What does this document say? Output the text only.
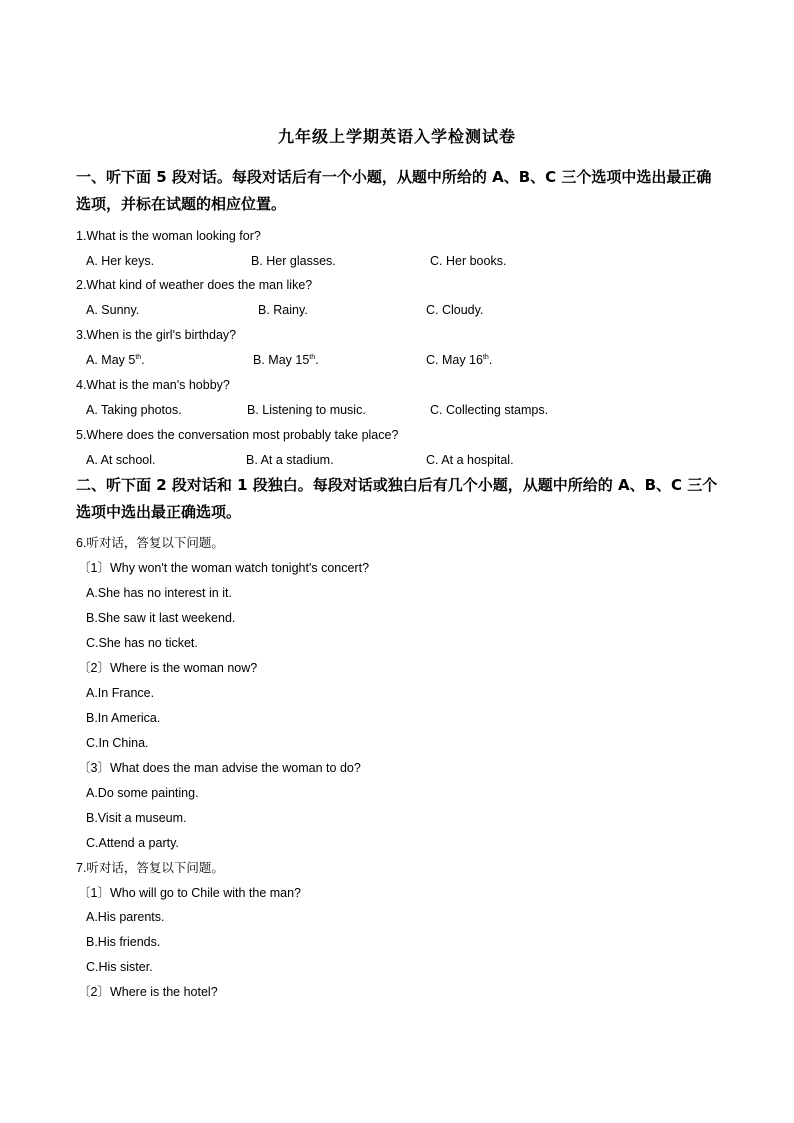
九年级上学期英语入学检测试卷
一、听下面 5 段对话。每段对话后有一个小题，从题中所给的 A、B、C 三个选项中选出最正确选项，并标在试题的相应位置。
1.What is the woman looking for?
A. Her keys.	B. Her glasses.	C. Her books.
2.What kind of weather does the man like?
A. Sunny.	B. Rainy.	C. Cloudy.
3.When is the girl's birthday?
A. May 5th.	B. May 15th.	C. May 16th.
4.What is the man's hobby?
A. Taking photos.	B. Listening to music.	C. Collecting stamps.
5.Where does the conversation most probably take place?
A. At school.	B. At a stadium.	C. At a hospital.
二、听下面 2 段对话和 1 段独白。每段对话或独白后有几个小题，从题中所给的 A、B、C 三个选项中选出最正确选项。
6.听对话，答复以下问题。
〔1〕Why won't the woman watch tonight's concert?
A.She has no interest in it.
B.She saw it last weekend.
C.She has no ticket.
〔2〕Where is the woman now?
A.In France.
B.In America.
C.In China.
〔3〕What does the man advise the woman to do?
A.Do some painting.
B.Visit a museum.
C.Attend a party.
7.听对话，答复以下问题。
〔1〕Who will go to Chile with the man?
A.His parents.
B.His friends.
C.His sister.
〔2〕Where is the hotel?
